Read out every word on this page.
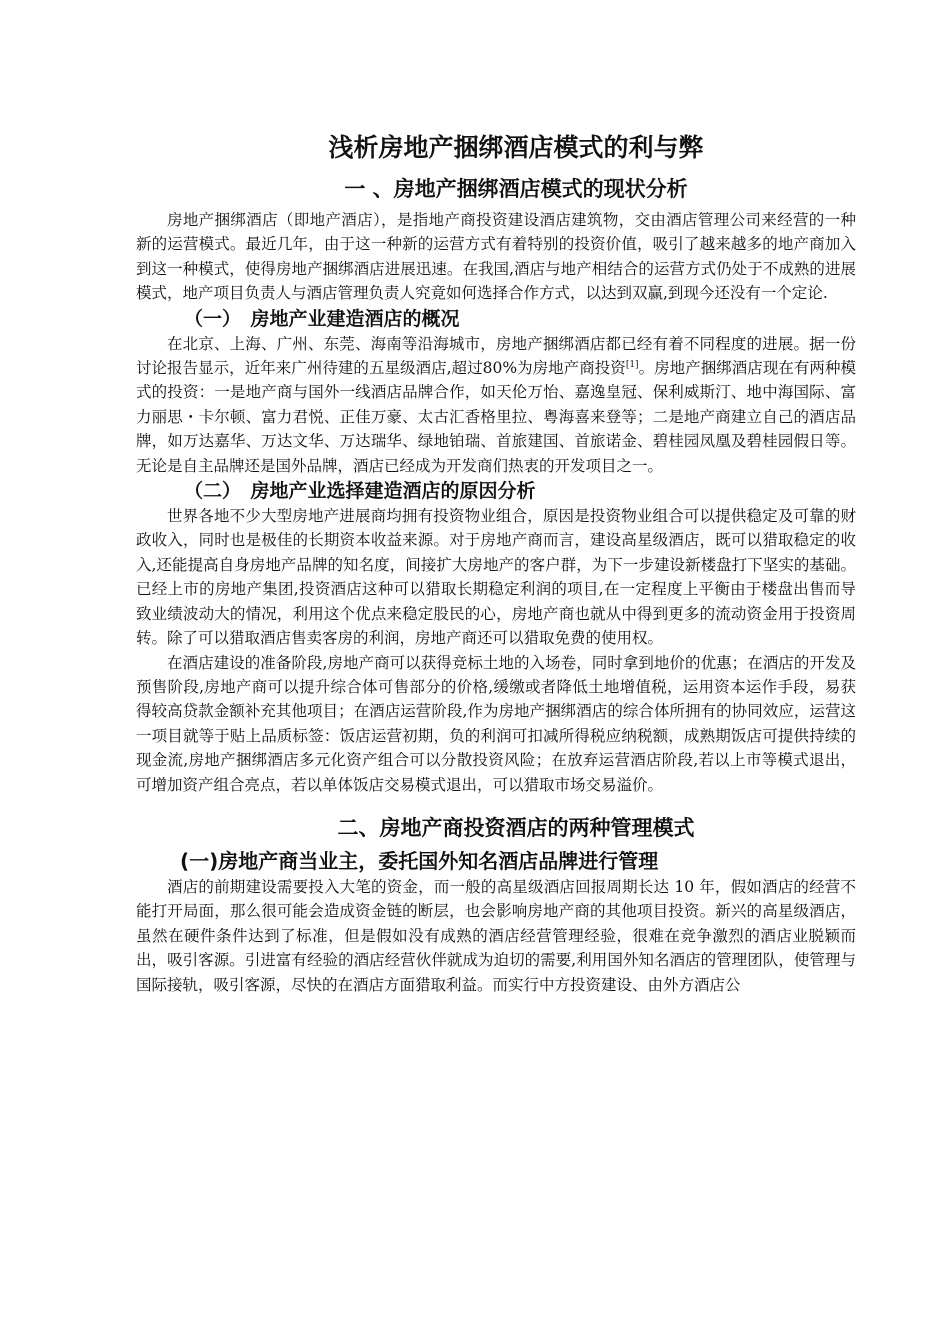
浅析房地产捆绑酒店模式的利与弊
一 、房地产捆绑酒店模式的现状分析

房地产捆绑酒店（即地产酒店），是指地产商投资建设酒店建筑物，交由酒店管理公司来经营的一种新的运营模式。最近几年，由于这一种新的运营方式有着特别的投资价值，吸引了越来越多的地产商加入到这一种模式，使得房地产捆绑酒店进展迅速。在我国,酒店与地产相结合的运营方式仍处于不成熟的进展模式，地产项目负责人与酒店管理负责人究竟如何选择合作方式，以达到双赢,到现今还没有一个定论.

（一）　房地产业建造酒店的概况

在北京、上海、广州、东莞、海南等沿海城市，房地产捆绑酒店都已经有着不同程度的进展。据一份讨论报告显示，近年来广州待建的五星级酒店,超过80%为房地产商投资[1]。房地产捆绑酒店现在有两种模式的投资：一是地产商与国外一线酒店品牌合作，如天伦万怡、嘉逸皇冠、保利威斯汀、地中海国际、富力丽思・卡尔顿、富力君悦、正佳万豪、太古汇香格里拉、粤海喜来登等；二是地产商建立自己的酒店品牌，如万达嘉华、万达文华、万达瑞华、绿地铂瑞、首旅建国、首旅诺金、碧桂园凤凰及碧桂园假日等。无论是自主品牌还是国外品牌，酒店已经成为开发商们热衷的开发项目之一。

（二）　房地产业选择建造酒店的原因分析

世界各地不少大型房地产进展商均拥有投资物业组合，原因是投资物业组合可以提供稳定及可靠的财政收入，同时也是极佳的长期资本收益来源。对于房地产商而言，建设高星级酒店，既可以猎取稳定的收入,还能提高自身房地产品牌的知名度，间接扩大房地产的客户群，为下一步建设新楼盘打下坚实的基础。已经上市的房地产集团,投资酒店这种可以猎取长期稳定利润的项目,在一定程度上平衡由于楼盘出售而导致业绩波动大的情况，利用这个优点来稳定股民的心，房地产商也就从中得到更多的流动资金用于投资周转。除了可以猎取酒店售卖客房的利润，房地产商还可以猎取免费的使用权。

在酒店建设的准备阶段,房地产商可以获得竞标土地的入场卷，同时拿到地价的优惠；在酒店的开发及预售阶段,房地产商可以提升综合体可售部分的价格,缓缴或者降低土地增值税，运用资本运作手段，易获得较高贷款金额补充其他项目；在酒店运营阶段,作为房地产捆绑酒店的综合体所拥有的协同效应，运营这一项目就等于贴上品质标签：饭店运营初期，负的利润可扣减所得税应纳税额，成熟期饭店可提供持续的现金流,房地产捆绑酒店多元化资产组合可以分散投资风险；在放弃运营酒店阶段,若以上市等模式退出，可增加资产组合亮点，若以单体饭店交易模式退出，可以猎取市场交易溢价。

二、房地产商投资酒店的两种管理模式
(一)房地产商当业主，委托国外知名酒店品牌进行管理

酒店的前期建设需要投入大笔的资金，而一般的高星级酒店回报周期长达 10 年，假如酒店的经营不能打开局面，那么很可能会造成资金链的断层，也会影响房地产商的其他项目投资。新兴的高星级酒店，虽然在硬件条件达到了标准，但是假如没有成熟的酒店经营管理经验，很难在竞争激烈的酒店业脱颖而出，吸引客源。引进富有经验的酒店经营伙伴就成为迫切的需要,利用国外知名酒店的管理团队，使管理与国际接轨，吸引客源，尽快的在酒店方面猎取利益。而实行中方投资建设、由外方酒店公
